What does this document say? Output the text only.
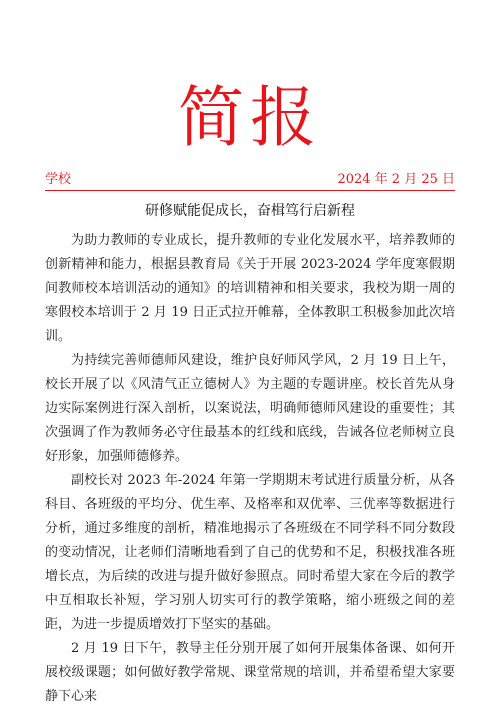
简报
学校	2024 年 2 月 25 日
研修赋能促成长，奋楫笃行启新程

为助力教师的专业成长，提升教师的专业化发展水平，培养教师的创新精神和能力，根据县教育局《关于开展 2023-2024 学年度寒假期间教师校本培训活动的通知》的培训精神和相关要求，我校为期一周的寒假校本培训于 2 月 19 日正式拉开帷幕，全体教职工积极参加此次培训。

为持续完善师德师风建设，维护良好师风学风，2 月 19 日上午，校长开展了以《风清气正立德树人》为主题的专题讲座。校长首先从身边实际案例进行深入剖析，以案说法，明确师德师风建设的重要性；其次强调了作为教师务必守住最基本的红线和底线，告诫各位老师树立良好形象，加强师德修养。

副校长对 2023 年-2024 年第一学期期末考试进行质量分析，从各科目、各班级的平均分、优生率、及格率和双优率、三优率等数据进行分析，通过多维度的剖析，精准地揭示了各班级在不同学科不同分数段的变动情况，让老师们清晰地看到了自己的优势和不足，积极找准各班增长点，为后续的改进与提升做好参照点。同时希望大家在今后的教学中互相取长补短，学习别人切实可行的教学策略，缩小班级之间的差距，为进一步提质增效打下坚实的基础。

2 月 19 日下午，教导主任分别开展了如何开展集体备课、如何开展校级课题；如何做好教学常规、课堂常规的培训，并希望希望大家要静下心来
